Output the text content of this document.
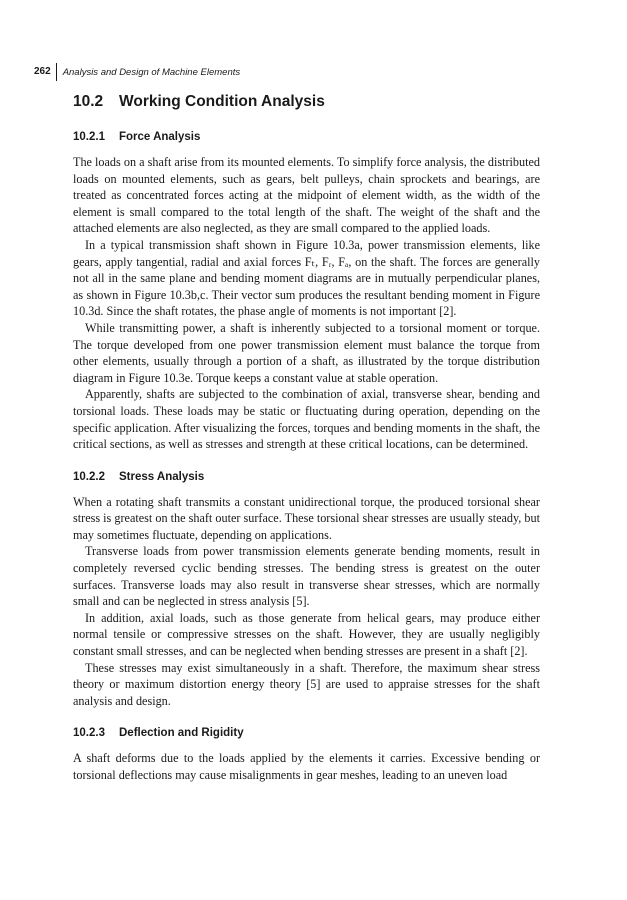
262	Analysis and Design of Machine Elements
10.2	Working Condition Analysis
10.2.1	Force Analysis

The loads on a shaft arise from its mounted elements. To simplify force analysis, the distributed loads on mounted elements, such as gears, belt pulleys, chain sprockets and bearings, are treated as concentrated forces acting at the midpoint of element width, as the width of the element is small compared to the total length of the shaft. The weight of the shaft and the attached elements are also neglected, as they are small compared to the applied loads.

In a typical transmission shaft shown in Figure 10.3a, power transmission elements, like gears, apply tangential, radial and axial forces Fₜ, Fᵣ, Fₐ, on the shaft. The forces are generally not all in the same plane and bending moment diagrams are in mutually perpendicular planes, as shown in Figure 10.3b,c. Their vector sum produces the resultant bending moment in Figure 10.3d. Since the shaft rotates, the phase angle of moments is not important [2].

While transmitting power, a shaft is inherently subjected to a torsional moment or torque. The torque developed from one power transmission element must balance the torque from other elements, usually through a portion of a shaft, as illustrated by the torque distribution diagram in Figure 10.3e. Torque keeps a constant value at stable operation.

Apparently, shafts are subjected to the combination of axial, transverse shear, bending and torsional loads. These loads may be static or fluctuating during operation, depending on the specific application. After visualizing the forces, torques and bending moments in the shaft, the critical sections, as well as stresses and strength at these critical locations, can be determined.

10.2.2	Stress Analysis

When a rotating shaft transmits a constant unidirectional torque, the produced torsional shear stress is greatest on the shaft outer surface. These torsional shear stresses are usually steady, but may sometimes fluctuate, depending on applications.

Transverse loads from power transmission elements generate bending moments, result in completely reversed cyclic bending stresses. The bending stress is greatest on the outer surfaces. Transverse loads may also result in transverse shear stresses, which are normally small and can be neglected in stress analysis [5].

In addition, axial loads, such as those generate from helical gears, may produce either normal tensile or compressive stresses on the shaft. However, they are usually negligibly constant small stresses, and can be neglected when bending stresses are present in a shaft [2].

These stresses may exist simultaneously in a shaft. Therefore, the maximum shear stress theory or maximum distortion energy theory [5] are used to appraise stresses for the shaft analysis and design.

10.2.3	Deflection and Rigidity

A shaft deforms due to the loads applied by the elements it carries. Excessive bending or torsional deflections may cause misalignments in gear meshes, leading to an uneven load
